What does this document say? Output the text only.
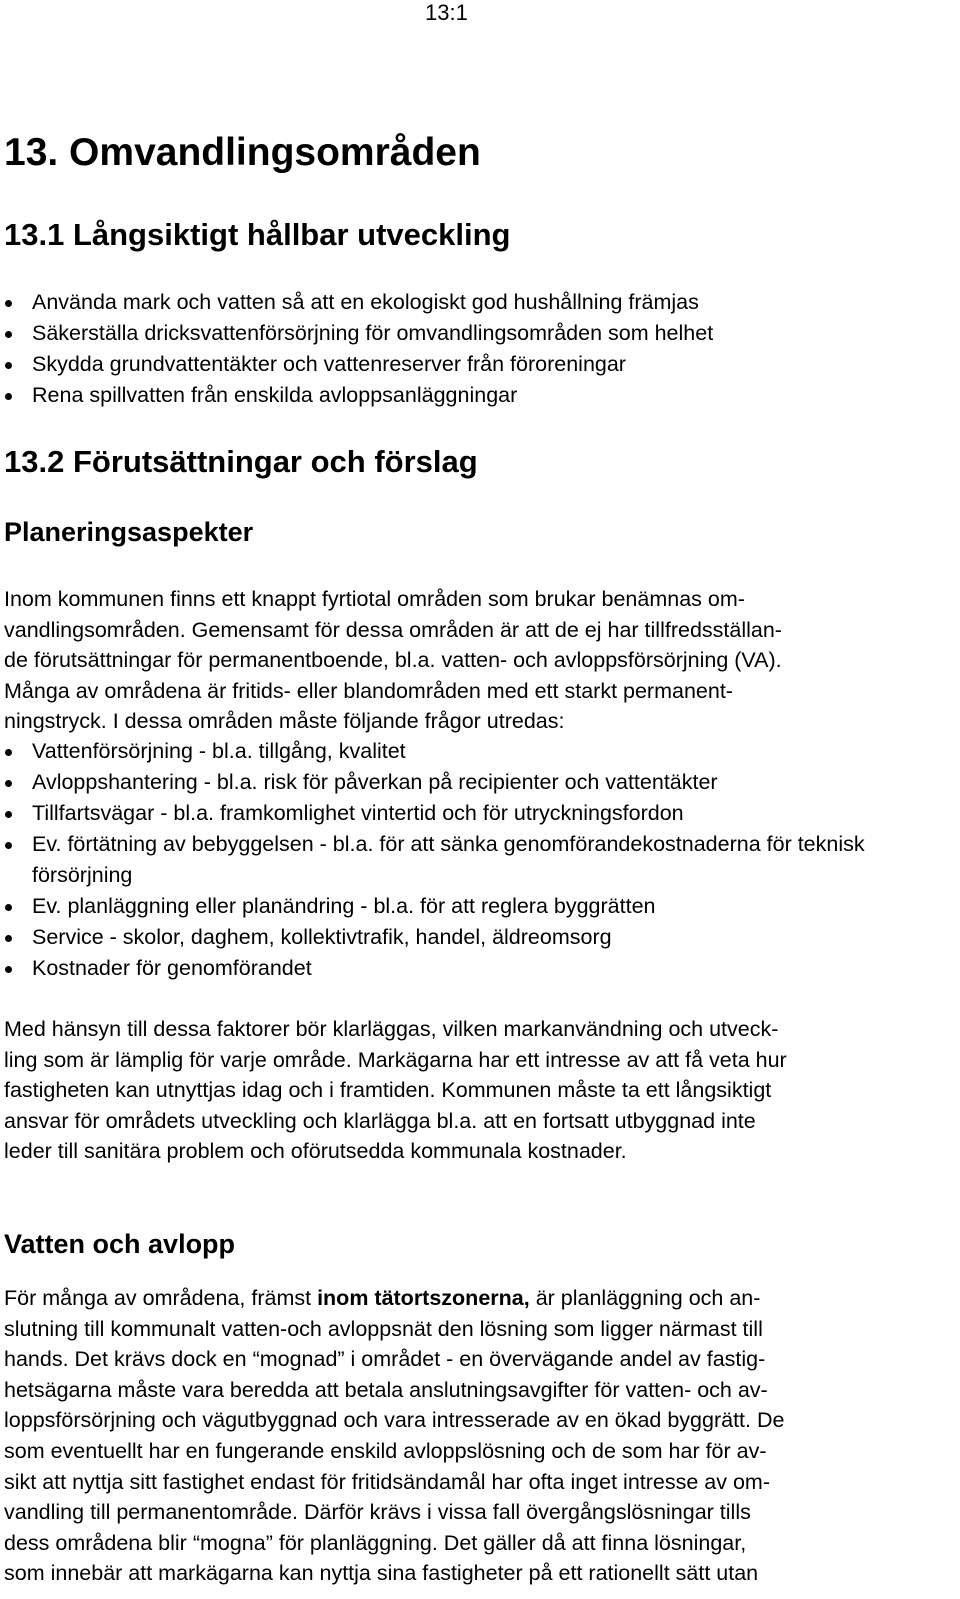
13:1
13. Omvandlingsområden
13.1 Långsiktigt hållbar utveckling
Använda mark och vatten så att en ekologiskt god hushållning främjas
Säkerställa dricksvattenförsörjning för omvandlingsområden som helhet
Skydda grundvattentäkter och vattenreserver från föroreningar
Rena spillvatten från enskilda avloppsanläggningar
13.2 Förutsättningar och förslag
Planeringsaspekter

Inom kommunen finns ett knappt fyrtiotal områden som brukar benämnas om-
vandlingsområden. Gemensamt för dessa områden är att de ej har tillfredsställan-
de förutsättningar för permanentboende, bl.a. vatten- och avloppsförsörjning (VA).
Många av områdena är fritids- eller blandområden med ett starkt permanent-
ningstryck. I dessa områden måste följande frågor utredas:

Vattenförsörjning - bl.a. tillgång, kvalitet
Avloppshantering - bl.a. risk för påverkan på recipienter och vattentäkter
Tillfartsvägar - bl.a. framkomlighet vintertid och för utryckningsfordon
Ev. förtätning av bebyggelsen - bl.a. för att sänka genomförandekostnaderna för teknisk försörjning
Ev. planläggning eller planändring - bl.a. för att reglera byggrätten
Service - skolor, daghem, kollektivtrafik, handel, äldreomsorg
Kostnader för genomförandet

Med hänsyn till dessa faktorer bör klarläggas, vilken markanvändning och utveck-
ling som är lämplig för varje område. Markägarna har ett intresse av att få veta hur
fastigheten kan utnyttjas idag och i framtiden. Kommunen måste ta ett långsiktigt
ansvar för områdets utveckling och klarlägga bl.a. att en fortsatt utbyggnad inte
leder till sanitära problem och oförutsedda kommunala kostnader.

Vatten och avlopp

För många av områdena, främst inom tätortszonerna, är planläggning och an-
slutning till kommunalt vatten-och avloppsnät den lösning som ligger närmast till
hands. Det krävs dock en “mognad” i området - en övervägande andel av fastig-
hetsägarna måste vara beredda att betala anslutningsavgifter för vatten- och av-
loppsförsörjning och vägutbyggnad och vara intresserade av en ökad byggrätt. De
som eventuellt har en fungerande enskild avloppslösning och de som har för av-
sikt att nyttja sitt fastighet endast för fritidsändamål har ofta inget intresse av om-
vandling till permanentområde. Därför krävs i vissa fall övergångslösningar tills
dess områdena blir “mogna” för planläggning. Det gäller då att finna lösningar,
som innebär att markägarna kan nyttja sina fastigheter på ett rationellt sätt utan
